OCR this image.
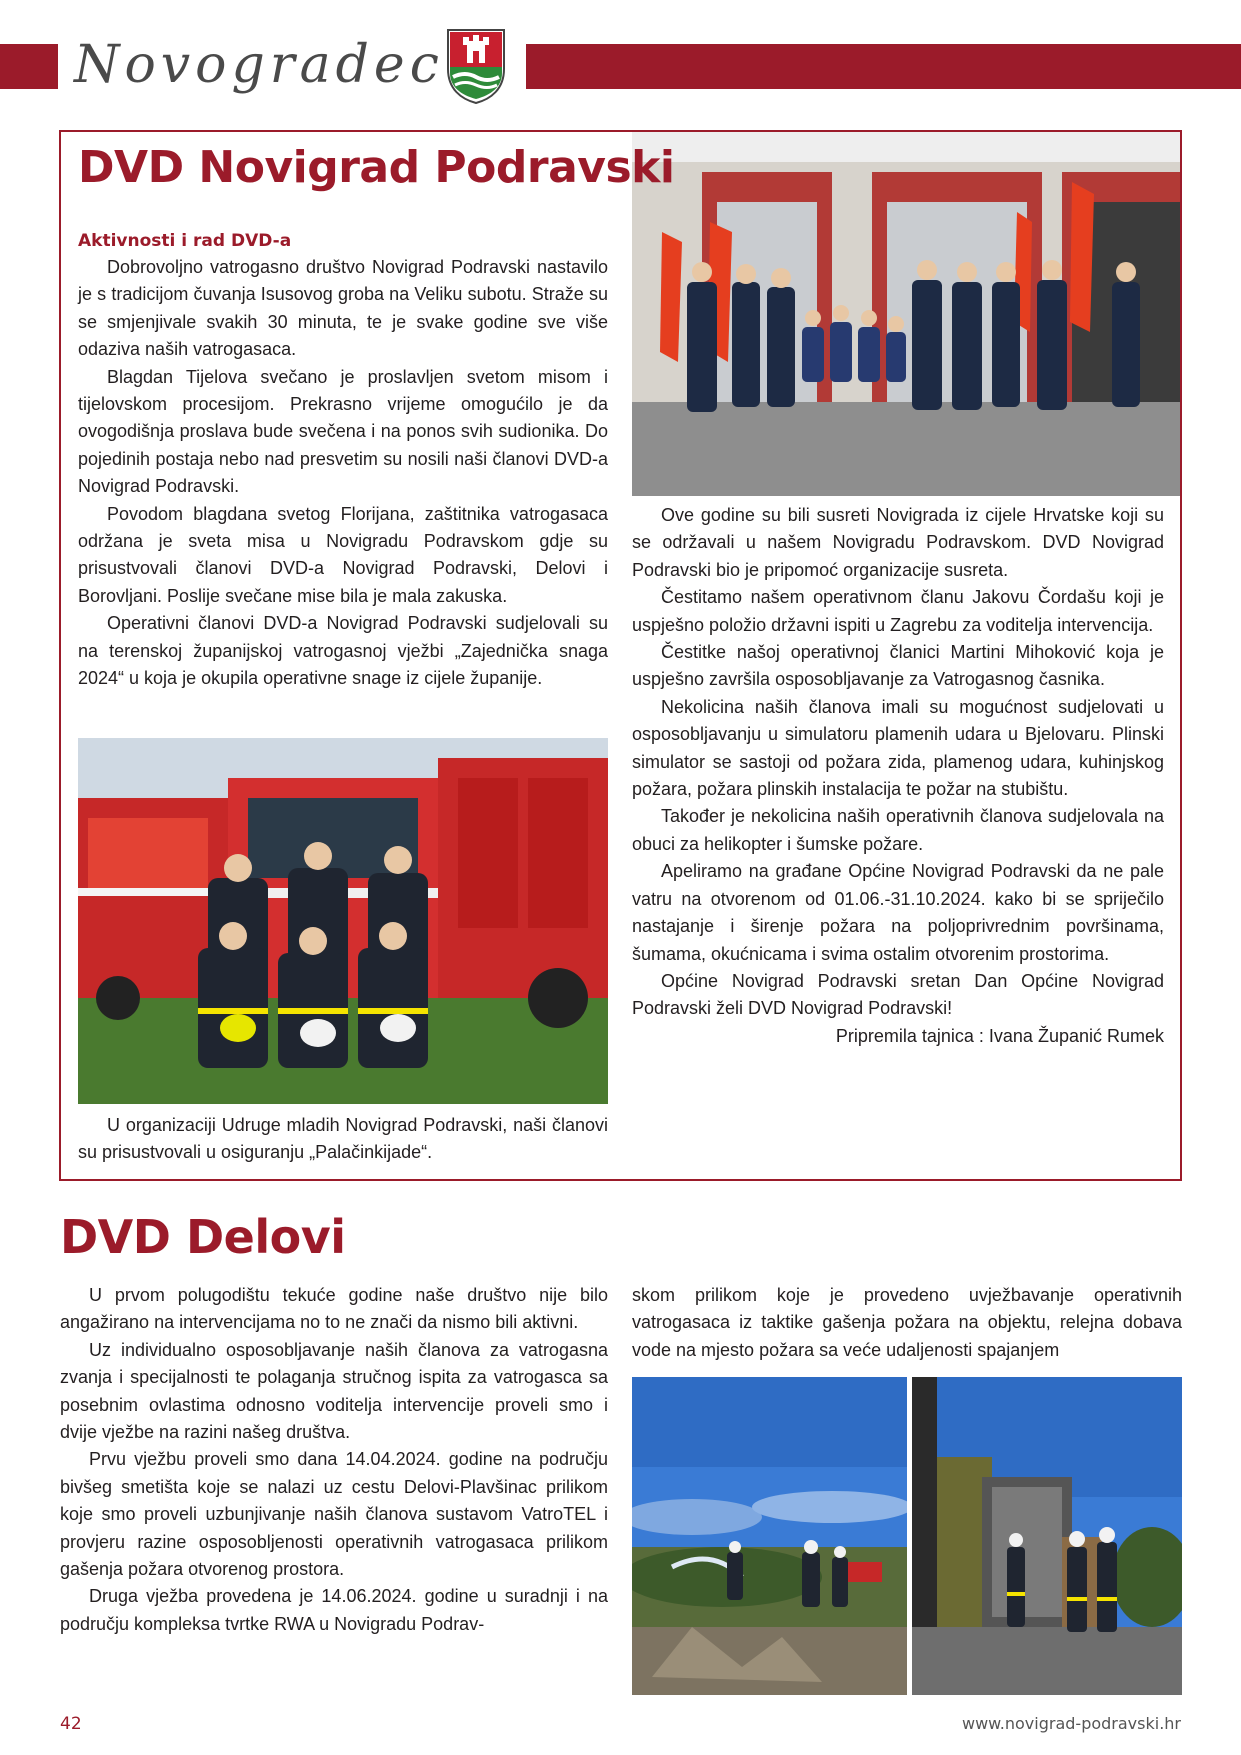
Novogradec
DVD Novigrad Podravski
Aktivnosti i rad DVD-a

Dobrovoljno vatrogasno društvo Novigrad Podravski nastavilo je s tradicijom čuvanja Isusovog groba na Veliku subotu. Straže su se smjenjivale svakih 30 minuta, te je svake godine sve više odaziva naših vatrogasaca.

Blagdan Tijelova svečano je proslavljen svetom misom i tijelovskom procesijom. Prekrasno vrijeme omogućilo je da ovogodišnja proslava bude svečena i na ponos svih sudionika. Do pojedinih postaja nebo nad presvetim su nosili naši članovi DVD-a Novigrad Podravski.

Povodom blagdana svetog Florijana, zaštitnika vatrogasaca održana je sveta misa u Novigradu Podravskom gdje su prisustvovali članovi DVD-a Novigrad Podravski, Delovi i Borovljani. Poslije svečane mise bila je mala zakuska.

Operativni članovi DVD-a Novigrad Podravski sudjelovali su na terenskoj županijskoj vatrogasnoj vježbi „Zajednička snaga 2024“ u koja je okupila operativne snage iz cijele županije.

U organizaciji Udruge mladih Novigrad Podravski, naši članovi su prisustvovali u osiguranju „Palačinkijade“.

Ove godine su bili susreti Novigrada iz cijele Hrvatske koji su se održavali u našem Novigradu Podravskom. DVD Novigrad Podravski bio je pripomoć organizacije susreta.

Čestitamo našem operativnom članu Jakovu Čordašu koji je uspješno položio državni ispiti u Zagrebu za voditelja intervencija.

Čestitke našoj operativnoj članici Martini Mihoković koja je uspješno završila osposobljavanje za Vatrogasnog časnika.

Nekolicina naših članova imali su mogućnost sudjelovati u osposobljavanju u simulatoru plamenih udara u Bjelovaru. Plinski simulator se sastoji od požara zida, plamenog udara, kuhinjskog požara, požara plinskih instalacija te požar na stubištu.

Također je nekolicina naših operativnih članova sudjelovala na obuci za helikopter i šumske požare.

Apeliramo na građane Općine Novigrad Podravski da ne pale vatru na otvorenom od 01.06.-31.10.2024. kako bi se spriječilo nastajanje i širenje požara na poljoprivrednim površinama, šumama, okućnicama i svima ostalim otvorenim prostorima.

Općine Novigrad Podravski sretan Dan Općine Novigrad Podravski želi DVD Novigrad Podravski!

Pripremila tajnica : Ivana Županić Rumek

DVD Delovi

U prvom polugodištu tekuće godine naše društvo nije bilo angažirano na intervencijama no to ne znači da nismo bili aktivni.

Uz individualno osposobljavanje naših članova za vatrogasna zvanja i specijalnosti te polaganja stručnog ispita za vatrogasca sa posebnim ovlastima odnosno voditelja intervencije proveli smo i dvije vježbe na razini našeg društva.

Prvu vježbu proveli smo dana 14.04.2024. godine na području bivšeg smetišta koje se nalazi uz cestu Delovi-Plavšinac prilikom koje smo proveli uzbunjivanje naših članova sustavom VatroTEL i provjeru razine osposobljenosti operativnih vatrogasaca prilikom gašenja požara otvorenog prostora.

Druga vježba provedena je 14.06.2024. godine u suradnji i na području kompleksa tvrtke RWA u Novigradu Podrav-

skom prilikom koje je provedeno uvježbavanje operativnih vatrogasaca iz taktike gašenja požara na objektu, relejna dobava vode na mjesto požara sa veće udaljenosti spajanjem

42	www.novigrad-podravski.hr
